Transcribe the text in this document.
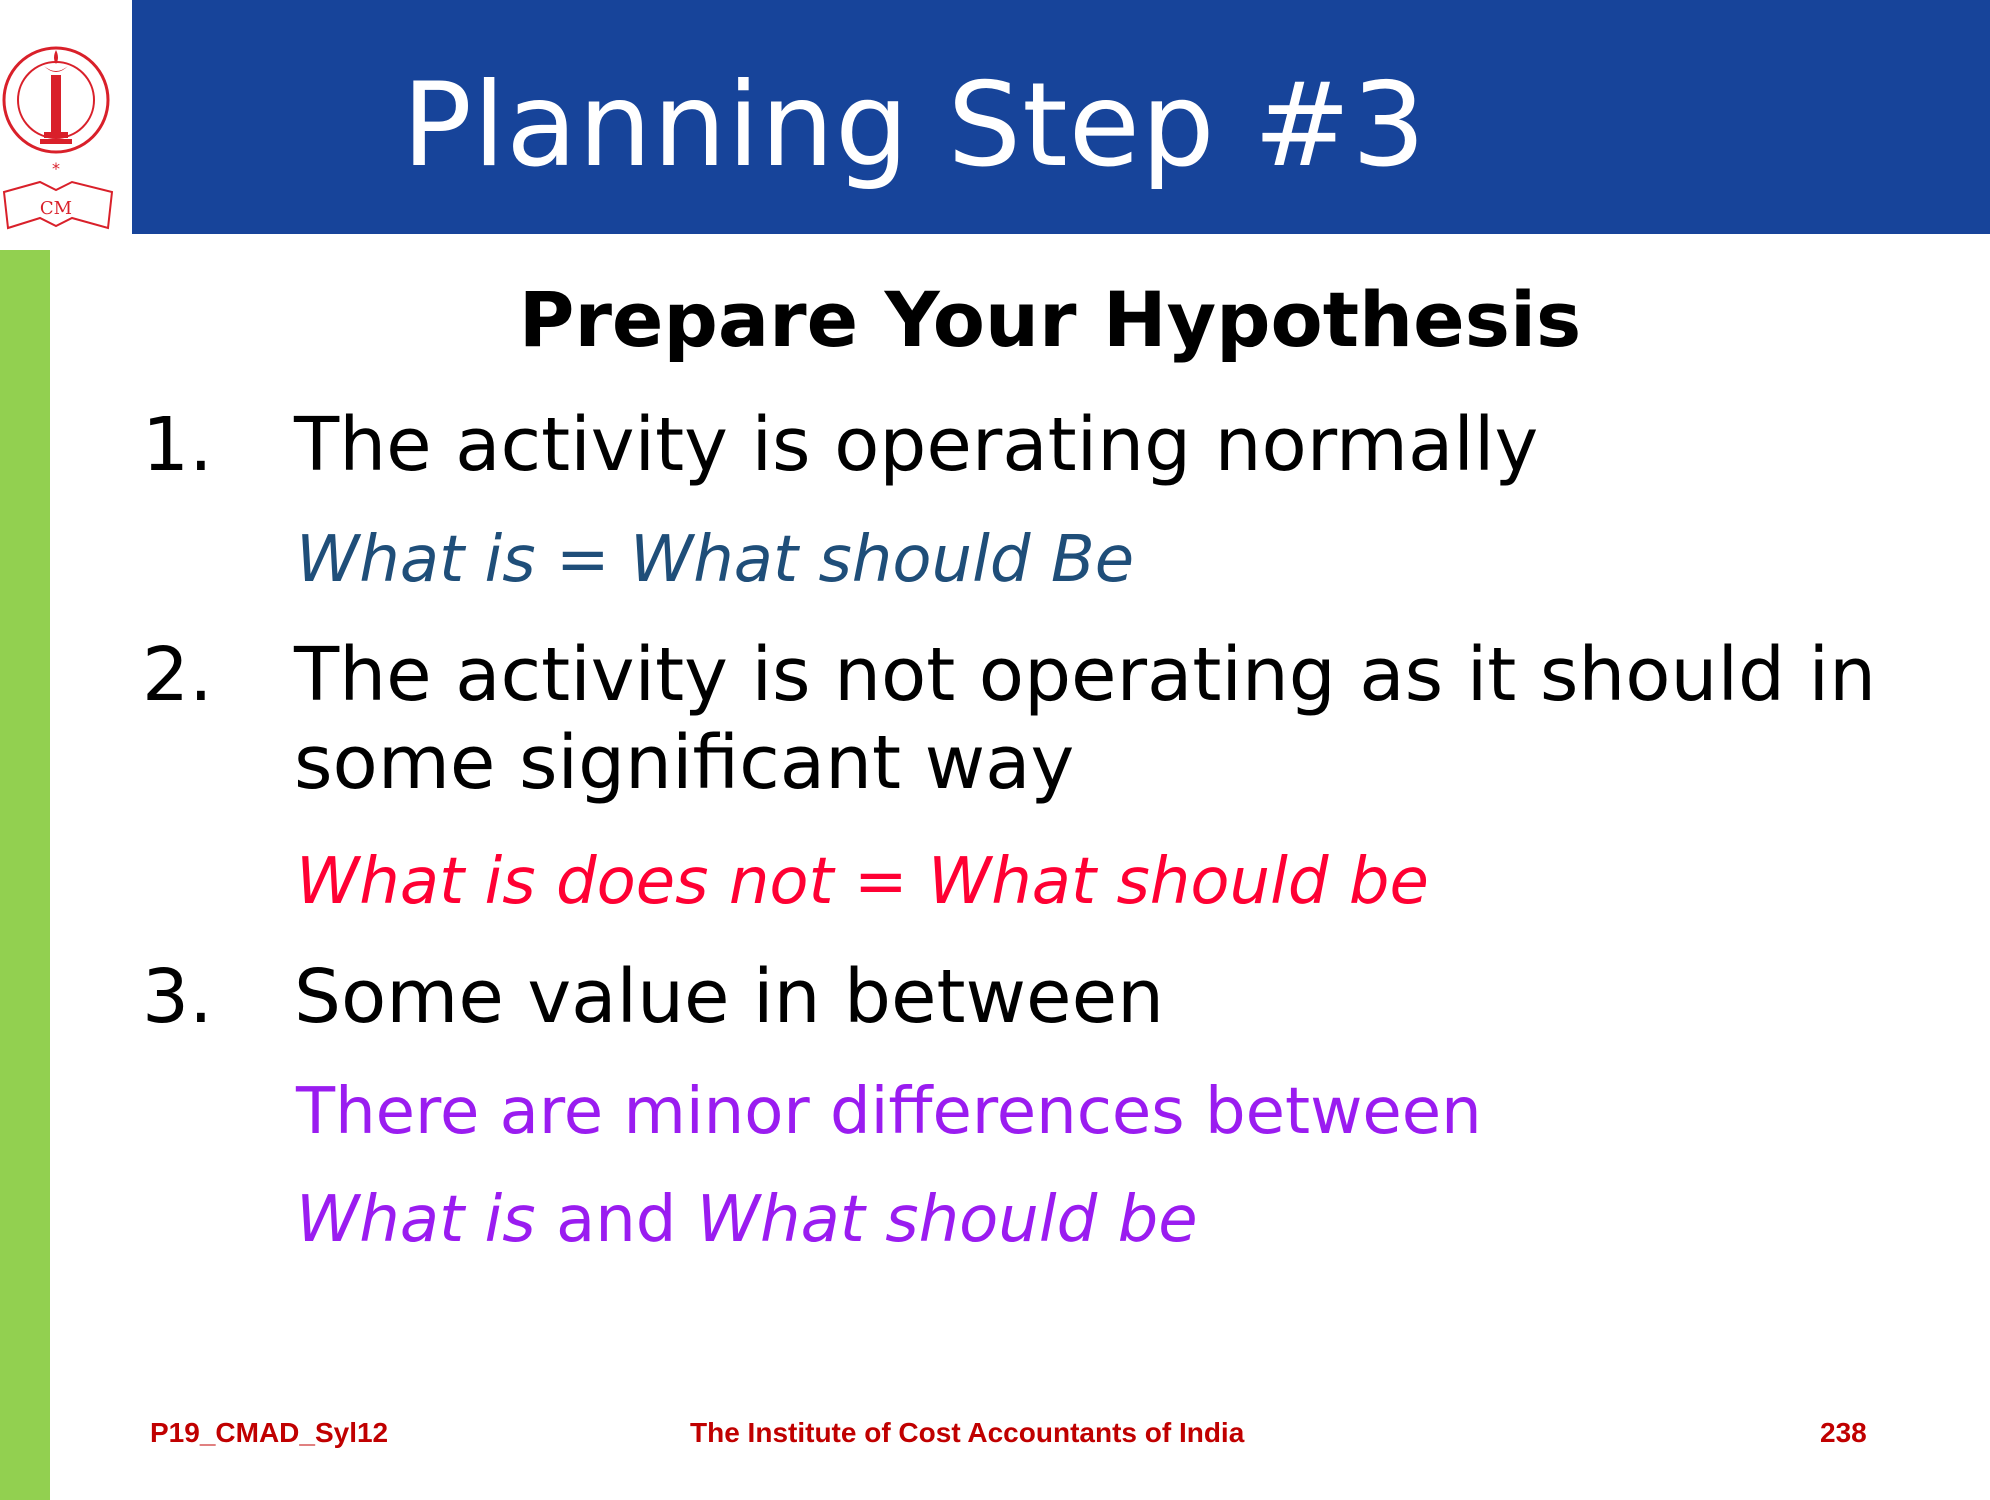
*
CM
Planning Step #3
Prepare Your Hypothesis
1. The activity is operating normally
What is = What should Be
2. The activity is not operating as it should in
some significant way
What is does not = What should be
3. Some value in between
There are minor differences between
What is and What should be
P19_CMAD_Syl12	The Institute of Cost Accountants of India	238
